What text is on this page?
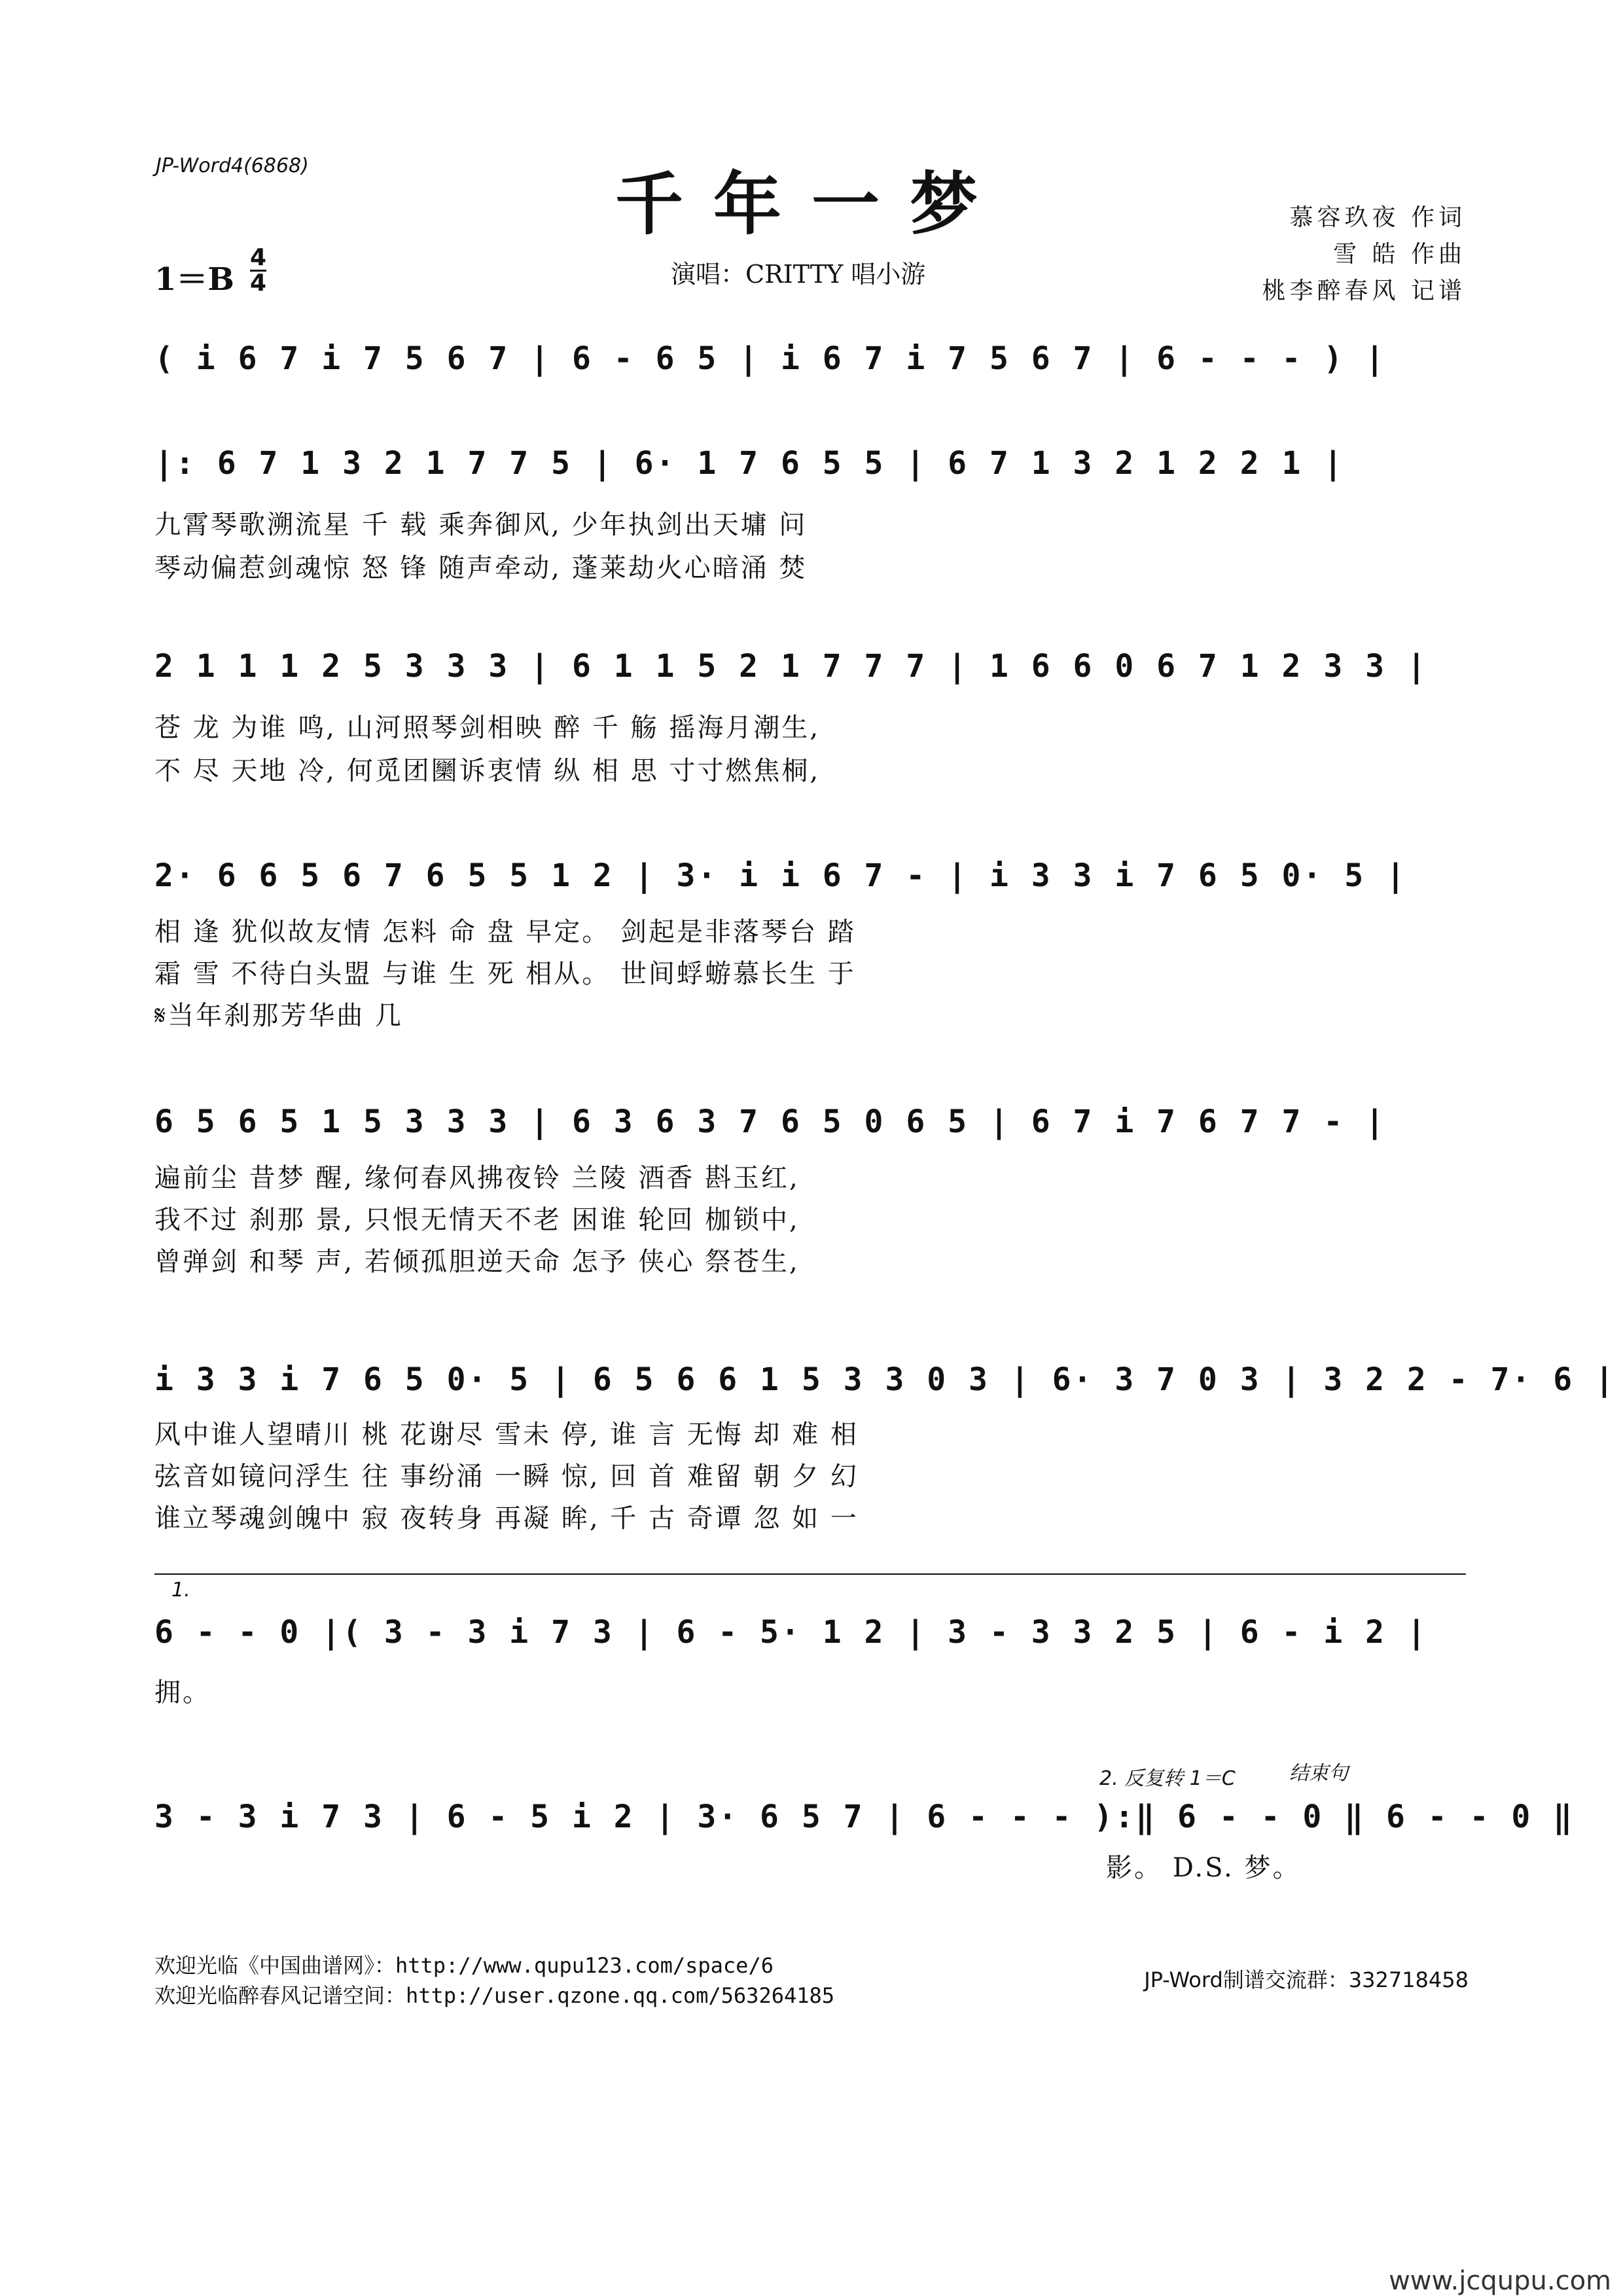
JP-Word4(6868)	千年一梦	慕容玖夜 作词
雪 皓 作曲
桃李醉春风 记谱
1＝B
4
4	演唱：CRITTY 唱小游
( i 6 7 i 7 5 6 7 | 6 - 6 5 | i 6 7 i 7 5 6 7 | 6 - - - ) |
|: 6 7 1 3 2 1 7 7 5 | 6· 1 7 6 5 5 | 6 7 1 3 2 1 2 2 1 |
九霄琴歌溯流星 千 载 乘奔御风, 少年执剑出天墉 问
琴动偏惹剑魂惊 怒 锋 随声牵动, 蓬莱劫火心暗涌 焚
2 1 1 1 2 5 3 3 3 | 6 1 1 5 2 1 7 7 7 | 1 6 6 0 6 7 1 2 3 3 |
苍 龙 为谁 鸣, 山河照琴剑相映 醉 千 觞 摇海月潮生,
不 尽 天地 冷, 何觅团圞诉衷情 纵 相 思 寸寸燃焦桐,
2· 6 6 5 6 7 6 5 5 1 2 | 3· i i 6 7 - | i 3 3 i 7 6 5 0· 5 |
相 逢 犹似故友情 怎料 命 盘 早定。 剑起是非落琴台 踏
霜 雪 不待白头盟 与谁 生 死 相从。 世间蜉蝣慕长生 于
𝄋当年刹那芳华曲 几
6 5 6 5 1 5 3 3 3 | 6 3 6 3 7 6 5 0 6 5 | 6 7 i 7 6 7 7 - |
遍前尘 昔梦 醒, 缘何春风拂夜铃 兰陵 酒香 斟玉红,
我不过 刹那 景, 只恨无情天不老 困谁 轮回 枷锁中,
曾弹剑 和琴 声, 若倾孤胆逆天命 怎予 侠心 祭苍生,
i 3 3 i 7 6 5 0· 5 | 6 5 6 6 1 5 3 3 0 3 | 6· 3 7 0 3 | 3 2 2 - 7· 6 |
风中谁人望晴川 桃 花谢尽 雪未 停, 谁 言 无悔 却 难 相
弦音如镜问浮生 往 事纷涌 一瞬 惊, 回 首 难留 朝 夕 幻
谁立琴魂剑魄中 寂 夜转身 再凝 眸, 千 古 奇谭 忽 如 一
1.
6 - - 0 |( 3 - 3 i 7 3 | 6 - 5· 1 2 | 3 - 3 3 2 5 | 6 - i 2 |
拥。
2. 反复转 1＝C	结束句
3 - 3 i 7 3 | 6 - 5 i 2 | 3· 6 5 7 | 6 - - - ):‖ 6 - - 0 ‖ 6 - - 0 ‖
影。 D.S. 梦。
欢迎光临《中国曲谱网》：http://www.qupu123.com/space/6
欢迎光临醉春风记谱空间：http://user.qzone.qq.com/563264185
JP-Word制谱交流群：332718458
www.jcqupu.com
